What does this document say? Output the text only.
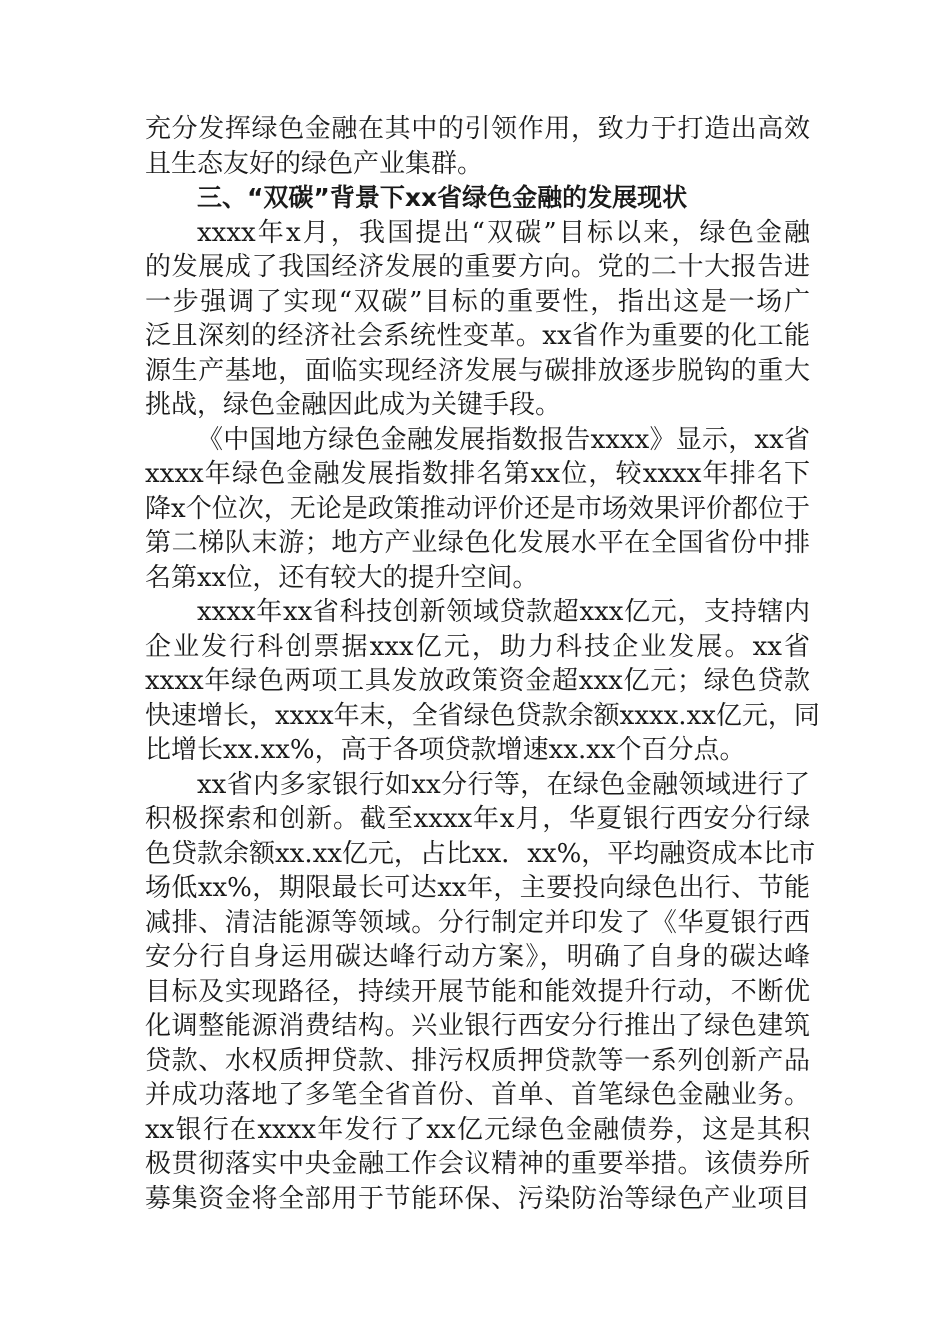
充分发挥绿色金融在其中的引领作用，致力于打造出高效
且生态友好的绿色产业集群。
三、“双碳”背景下xx省绿色金融的发展现状
xxxx年x月，我国提出“双碳”目标以来，绿色金融
的发展成了我国经济发展的重要方向。党的二十大报告进
一步强调了实现“双碳”目标的重要性，指出这是一场广
泛且深刻的经济社会系统性变革。xx省作为重要的化工能
源生产基地，面临实现经济发展与碳排放逐步脱钩的重大
挑战，绿色金融因此成为关键手段。
《中国地方绿色金融发展指数报告xxxx》显示，xx省
xxxx年绿色金融发展指数排名第xx位，较xxxx年排名下
降x个位次，无论是政策推动评价还是市场效果评价都位于
第二梯队末游；地方产业绿色化发展水平在全国省份中排
名第xx位，还有较大的提升空间。
xxxx年xx省科技创新领域贷款超xxx亿元，支持辖内
企业发行科创票据xxx亿元，助力科技企业发展。xx省
xxxx年绿色两项工具发放政策资金超xxx亿元；绿色贷款
快速增长，xxxx年末，全省绿色贷款余额xxxx.xx亿元，同
比增长xx.xx%，高于各项贷款增速xx.xx个百分点。
xx省内多家银行如xx分行等，在绿色金融领域进行了
积极探索和创新。截至xxxx年x月，华夏银行西安分行绿
色贷款余额xx.xx亿元，占比xx．xx%，平均融资成本比市
场低xx%，期限最长可达xx年，主要投向绿色出行、节能
减排、清洁能源等领域。分行制定并印发了《华夏银行西
安分行自身运用碳达峰行动方案》，明确了自身的碳达峰
目标及实现路径，持续开展节能和能效提升行动，不断优
化调整能源消费结构。兴业银行西安分行推出了绿色建筑
贷款、水权质押贷款、排污权质押贷款等一系列创新产品
并成功落地了多笔全省首份、首单、首笔绿色金融业务。
xx银行在xxxx年发行了xx亿元绿色金融债券，这是其积
极贯彻落实中央金融工作会议精神的重要举措。该债券所
募集资金将全部用于节能环保、污染防治等绿色产业项目
